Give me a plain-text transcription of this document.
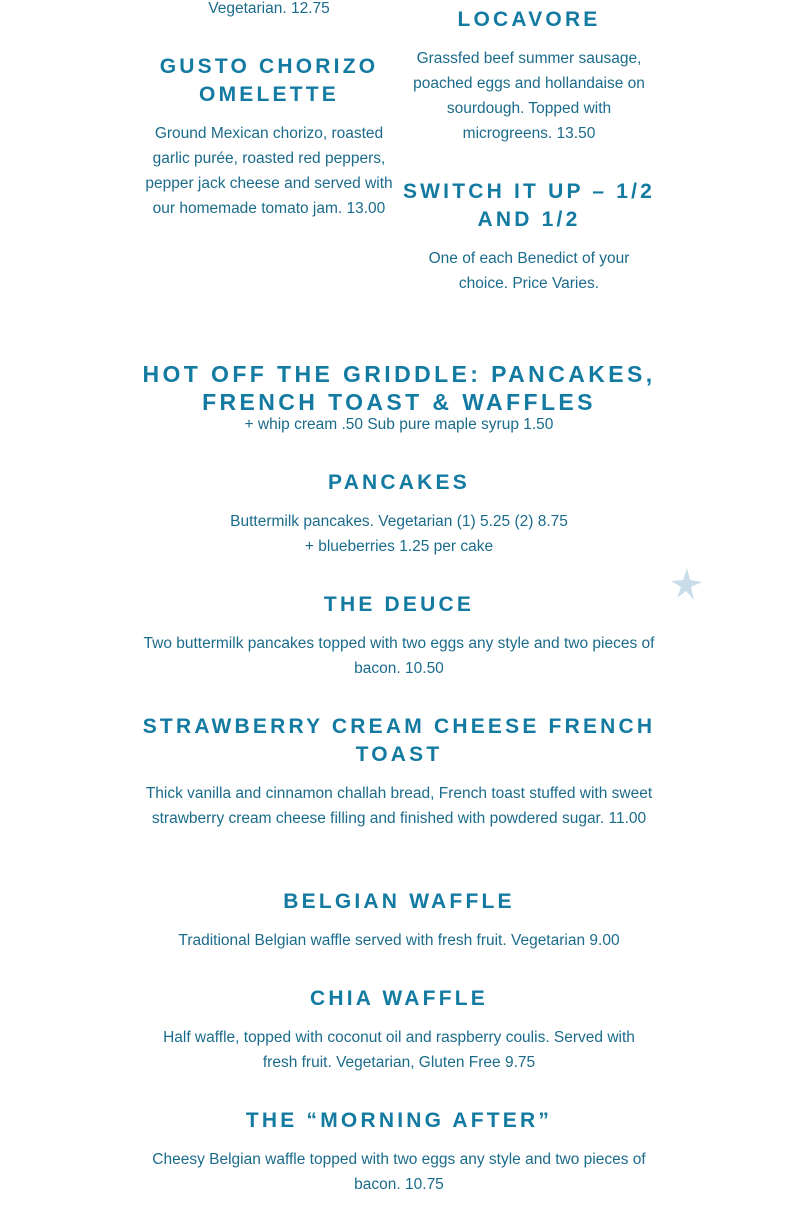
Vegetarian. 12.75

GUSTO CHORIZO
OMELETTE

Ground Mexican chorizo, roasted garlic purée, roasted red peppers, pepper jack cheese and served with our homemade tomato jam. 13.00

LOCAVORE

Grassfed beef summer sausage, poached eggs and hollandaise on sourdough. Topped with microgreens. 13.50

SWITCH IT UP – 1/2
AND 1/2

One of each Benedict of your choice. Price Varies.

HOT OFF THE GRIDDLE: PANCAKES,
FRENCH TOAST & WAFFLES

+ whip cream .50 Sub pure maple syrup 1.50

PANCAKES

Buttermilk pancakes. Vegetarian (1) 5.25 (2) 8.75
+ blueberries 1.25 per cake

THE DEUCE

Two buttermilk pancakes topped with two eggs any style and two pieces of bacon. 10.50

STRAWBERRY CREAM CHEESE FRENCH
TOAST

Thick vanilla and cinnamon challah bread, French toast stuffed with sweet strawberry cream cheese filling and finished with powdered sugar. 11.00

BELGIAN WAFFLE

Traditional Belgian waffle served with fresh fruit. Vegetarian 9.00

CHIA WAFFLE

Half waffle, topped with coconut oil and raspberry coulis. Served with fresh fruit. Vegetarian, Gluten Free 9.75

THE “MORNING AFTER”

Cheesy Belgian waffle topped with two eggs any style and two pieces of bacon. 10.75
